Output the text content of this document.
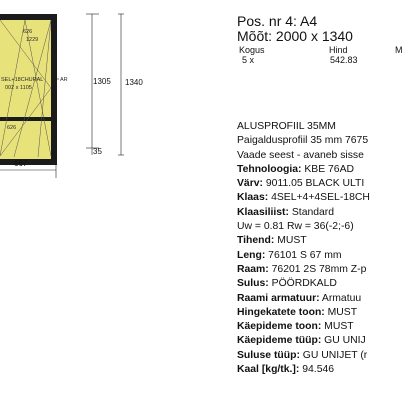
626
1229
SEL+18CHURAL
002 x 1105
626
AR
667
1305
35
1340
Pos. nr 4: A4
Mõõt: 2000 x 1340
Kogus	Hind	M
5 x	542.83
ALUSPROFIIL 35MM
Paigaldusprofiil 35 mm 7675
Vaade seest - avaneb sisse
Tehnoloogia: KBE 76AD
Värv: 9011.05 BLACK ULTI
Klaas: 4SEL+4+4SEL-18CH
Klaasiliist: Standard
Uw = 0.81 Rw = 36(-2;-6)
Tihend: MUST
Leng: 76101 S 67 mm
Raam: 76201 2S 78mm Z-p
Sulus: PÖÖRDKALD
Raami armatuur: Armatuu
Hingekatete toon: MUST
Käepideme toon: MUST
Käepideme tüüp: GU UNIJ
Suluse tüüp: GU UNIJET (r
Kaal [kg/tk.]: 94.546
